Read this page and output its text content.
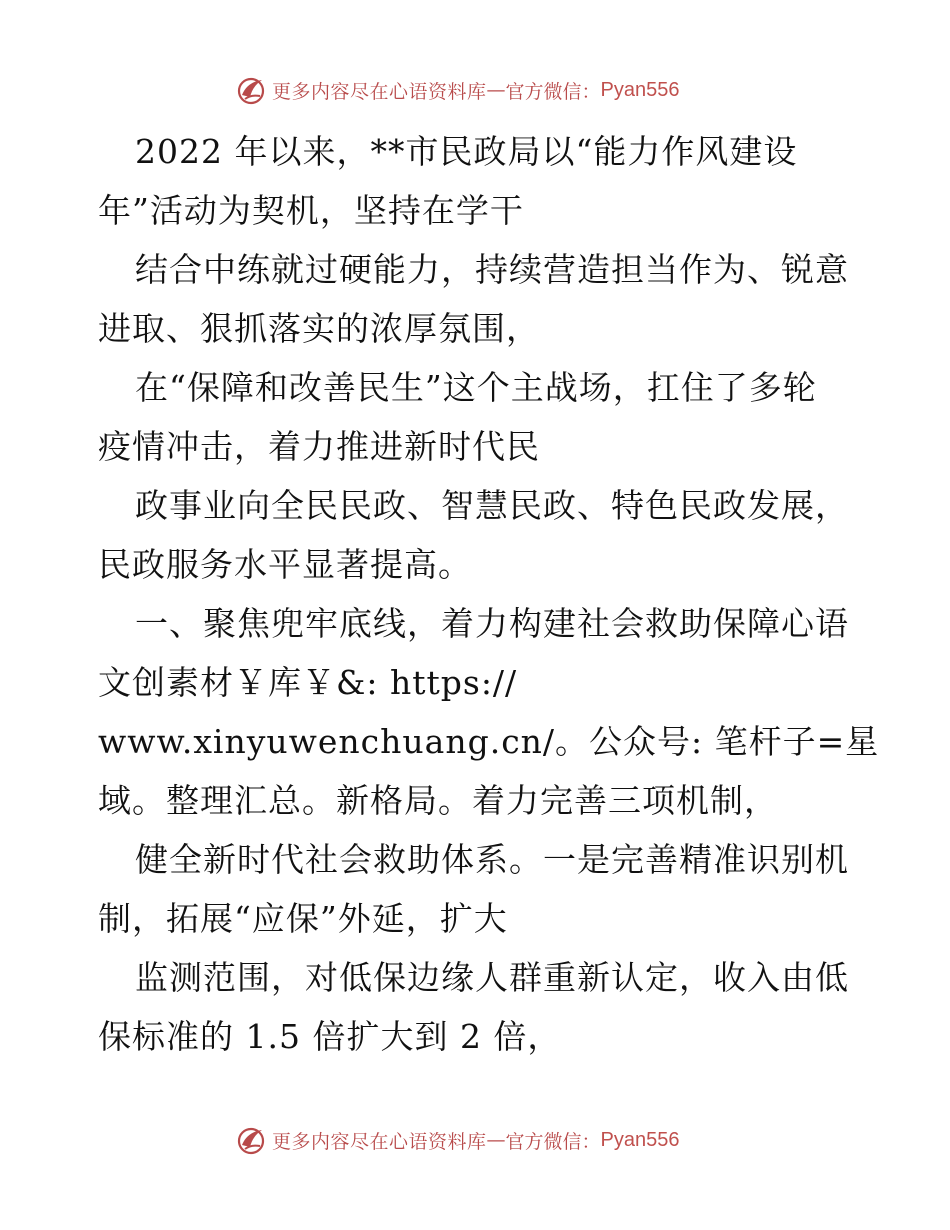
更多内容尽在心语资料库 — 官方微信： Pyan556
2022 年以来，**市民政局以“能力作风建设
年”活动为契机，坚持在学干
结合中练就过硬能力，持续营造担当作为、锐意
进取、狠抓落实的浓厚氛围，
在“保障和改善民生”这个主战场，扛住了多轮
疫情冲击，着力推进新时代民
政事业向全民民政、智慧民政、特色民政发展，
民政服务水平显著提高。
一、聚焦兜牢底线，着力构建社会救助保障心语
文创素材￥库￥&: https://
www.xinyuwenchuang.cn/。公众号: 笔杆子=星
域。整理汇总。新格局。着力完善三项机制，
健全新时代社会救助体系。一是完善精准识别机
制，拓展“应保”外延，扩大
监测范围，对低保边缘人群重新认定，收入由低
保标准的 1.5 倍扩大到 2 倍，
更多内容尽在心语资料库 — 官方微信： Pyan556
